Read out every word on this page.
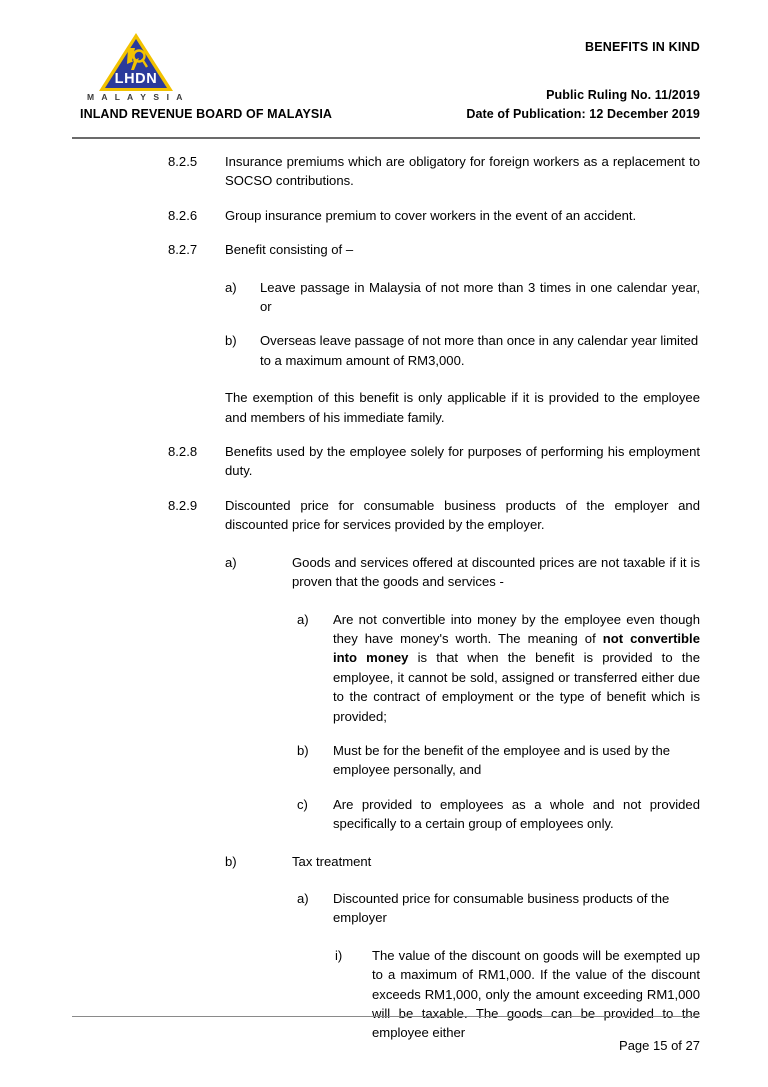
LHDN
M A L A Y S I A
BENEFITS IN KIND
Public Ruling No. 11/2019
Date of Publication: 12 December 2019
INLAND REVENUE BOARD OF MALAYSIA
8.2.5	Insurance premiums which are obligatory for foreign workers as a replacement to SOCSO contributions.
8.2.6	Group insurance premium to cover workers in the event of an accident.
8.2.7	Benefit consisting of –
a)	Leave passage in Malaysia of not more than 3 times in one calendar year, or
b)	Overseas leave passage of not more than once in any calendar year limited to a maximum amount of RM3,000.
The exemption of this benefit is only applicable if it is provided to the employee and members of his immediate family.
8.2.8	Benefits used by the employee solely for purposes of performing his employment duty.
8.2.9	Discounted price for consumable business products of the employer and discounted price for services provided by the employer.
a)	Goods and services offered at discounted prices are not taxable if it is proven that the goods and services -
a)	Are not convertible into money by the employee even though they have money's worth. The meaning of not convertible into money is that when the benefit is provided to the employee, it cannot be sold, assigned or transferred either due to the contract of employment or the type of benefit which is provided;
b)	Must be for the benefit of the employee and is used by the employee personally, and
c)	Are provided to employees as a whole and not provided specifically to a certain group of employees only.
b)	Tax treatment
a)	Discounted price for consumable business products of the employer
i)	The value of the discount on goods will be exempted up to a maximum of RM1,000. If the value of the discount exceeds RM1,000, only the amount exceeding RM1,000 will be taxable. The goods can be provided to the employee either
Page 15 of 27
